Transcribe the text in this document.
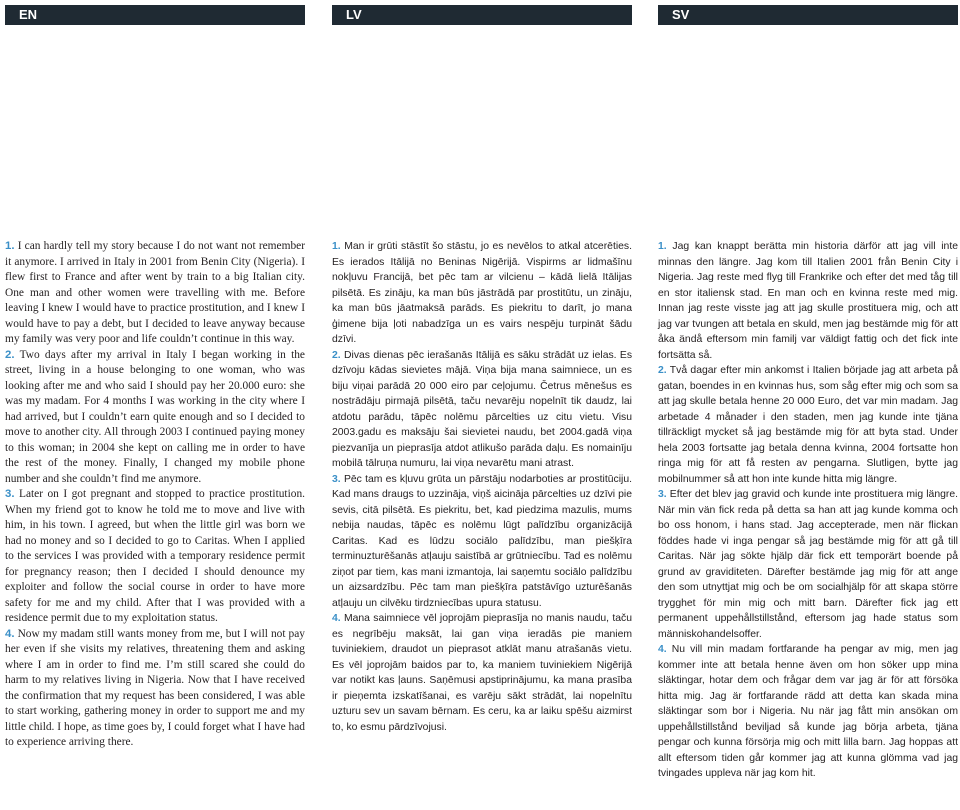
EN

1. I can hardly tell my story because I do not want not remember it anymore. I arrived in Italy in 2001 from Benin City (Nigeria). I flew first to France and after went by train to a big Italian city. One man and other women were travelling with me. Before leaving I knew I would have to practice prostitution, and I knew I would have to pay a debt, but I decided to leave anyway because my family was very poor and life couldn’t continue in this way.

2. Two days after my arrival in Italy I began working in the street, living in a house belonging to one woman, who was looking after me and who said I should pay her 20.000 euro: she was my madam. For 4 months I was working in the city where I had arrived, but I couldn’t earn quite enough and so I decided to move to another city. All through 2003 I continued paying money to this woman; in 2004 she kept on calling me in order to have the rest of the money. Finally, I changed my mobile phone number and she couldn’t find me anymore.

3. Later on I got pregnant and stopped to practice prostitution. When my friend got to know he told me to move and live with him, in his town. I agreed, but when the little girl was born we had no money and so I decided to go to Caritas. When I applied to the services I was provided with a temporary residence permit for pregnancy reason; then I decided I should denounce my exploiter and follow the social course in order to have more safety for me and my child. After that I was provided with a residence permit due to my exploitation status.

4. Now my madam still wants money from me, but I will not pay her even if she visits my relatives, threatening them and asking where I am in order to find me. I’m still scared she could do harm to my relatives living in Nigeria. Now that I have received the confirmation that my request has been considered, I was able to start working, gathering money in order to support me and my little child. I hope, as time goes by, I could forget what I have had to experience arriving there.

LV

1. Man ir grūti stāstīt šo stāstu, jo es nevēlos to atkal atcerēties. Es ierados Itālijā no Beninas Nigērijā. Vispirms ar lidmašīnu nokļuvu Francijā, bet pēc tam ar vilcienu – kādā lielā Itālijas pilsētā. Es zināju, ka man būs jāstrādā par prostitūtu, un zināju, ka man būs jāatmaksā parāds. Es piekritu to darīt, jo mana ģimene bija ļoti nabadzīga un es vairs nespēju turpināt šādu dzīvi.

2. Divas dienas pēc ierašanās Itālijā es sāku strādāt uz ielas. Es dzīvoju kādas sievietes mājā. Viņa bija mana saimniece, un es biju viņai parādā 20 000 eiro par ceļojumu. Četrus mēnešus es nostrādāju pirmajā pilsētā, taču nevarēju nopelnīt tik daudz, lai atdotu parādu, tāpēc nolēmu pārcelties uz citu vietu. Visu 2003.gadu es maksāju šai sievietei naudu, bet 2004.gadā viņa piezvanīja un pieprasīja atdot atlikušo parāda daļu. Es nomainīju mobilā tālruņa numuru, lai viņa nevarētu mani atrast.

3. Pēc tam es kļuvu grūta un pārstāju nodarboties ar prostitūciju. Kad mans draugs to uzzināja, viņš aicināja pārcelties uz dzīvi pie sevis, citā pilsētā. Es piekritu, bet, kad piedzima mazulis, mums nebija naudas, tāpēc es nolēmu lūgt palīdzību organizācijā Caritas. Kad es lūdzu sociālo palīdzību, man piešķīra terminuzturēšanās atļauju saistībā ar grūtniecību. Tad es nolēmu ziņot par tiem, kas mani izmantoja, lai saņemtu sociālo palīdzību un aizsardzību. Pēc tam man piešķīra patstāvīgo uzturēšanās atļauju un cilvēku tirdzniecības upura statusu.

4. Mana saimniece vēl joprojām pieprasīja no manis naudu, taču es negrībēju maksāt, lai gan viņa ieradās pie maniem tuviniekiem, draudot un pieprasot atklāt manu atrašanās vietu. Es vēl joprojām baidos par to, ka maniem tuviniekiem Nigērijā var notikt kas ļauns. Saņēmusi apstiprinājumu, ka mana prasība ir pieņemta izskatīšanai, es varēju sākt strādāt, lai nopelnītu uzturu sev un savam bērnam. Es ceru, ka ar laiku spēšu aizmirst to, ko esmu pārdzīvojusi.

SV

1. Jag kan knappt berätta min historia därför att jag vill inte minnas den längre. Jag kom till Italien 2001 från Benin City i Nigeria. Jag reste med flyg till Frankrike och efter det med tåg till en stor italiensk stad. En man och en kvinna reste med mig. Innan jag reste visste jag att jag skulle prostituera mig, och att jag var tvungen att betala en skuld, men jag bestämde mig för att åka ändå eftersom min familj var väldigt fattig och det fick inte fortsätta så.

2. Två dagar efter min ankomst i Italien började jag att arbeta på gatan, boendes in en kvinnas hus, som såg efter mig och som sa att jag skulle betala henne 20 000 Euro, det var min madam. Jag arbetade 4 månader i den staden, men jag kunde inte tjäna tillräckligt mycket så jag bestämde mig för att byta stad. Under hela 2003 fortsatte jag betala denna kvinna, 2004 fortsatte hon ringa mig för att få resten av pengarna. Slutligen, bytte jag mobilnummer så att hon inte kunde hitta mig längre.

3. Efter det blev jag gravid och kunde inte prostituera mig längre. När min vän fick reda på detta sa han att jag kunde komma och bo oss honom, i hans stad. Jag accepterade, men när flickan föddes hade vi inga pengar så jag bestämde mig för att gå till Caritas. När jag sökte hjälp där fick ett temporärt boende på grund av graviditeten. Därefter bestämde jag mig för att ange den som utnyttjat mig och be om socialhjälp för att skapa större trygghet för min mig och mitt barn. Därefter fick jag ett permanent uppehållstillstånd, eftersom jag hade status som människohandelsoffer.

4. Nu vill min madam fortfarande ha pengar av mig, men jag kommer inte att betala henne även om hon söker upp mina släktingar, hotar dem och frågar dem var jag är för att försöka hitta mig. Jag är fortfarande rädd att detta kan skada mina släktingar som bor i Nigeria. Nu när jag fått min ansökan om uppehållstillstånd beviljad så kunde jag börja arbeta, tjäna pengar och kunna försörja mig och mitt lilla barn. Jag hoppas att allt eftersom tiden går kommer jag att kunna glömma vad jag tvingades uppleva när jag kom hit.
